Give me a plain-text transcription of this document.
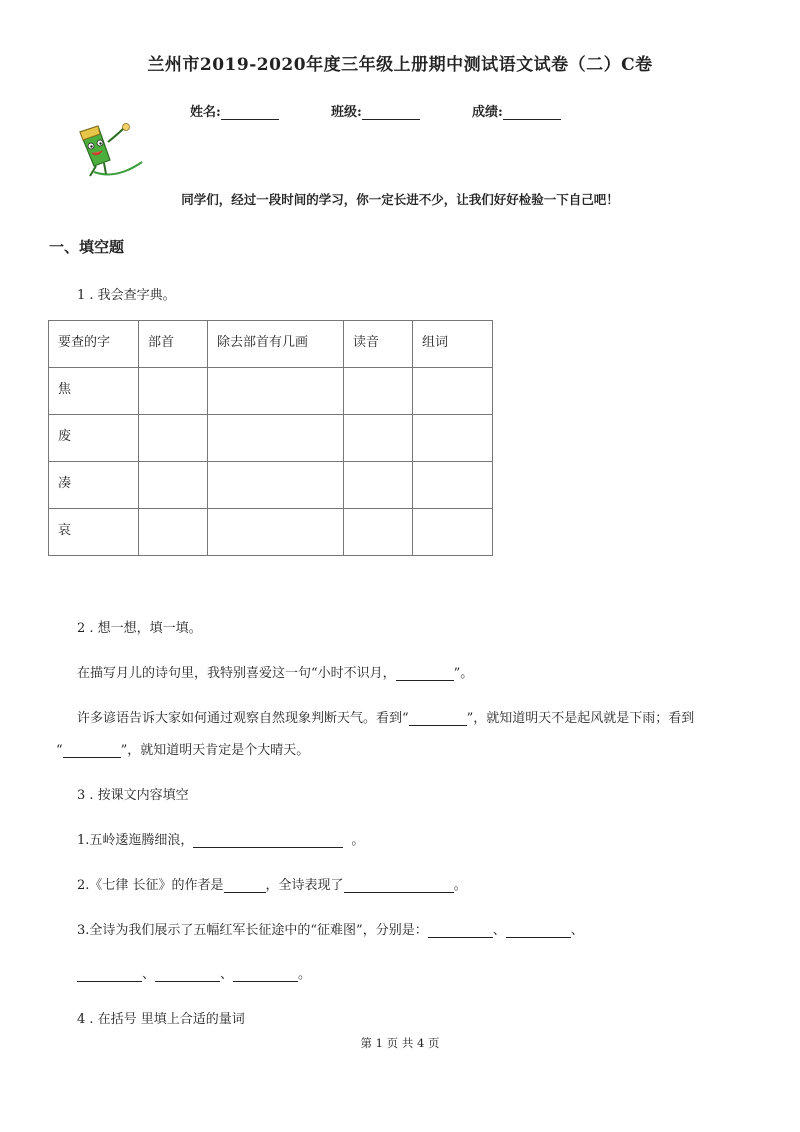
兰州市2019-2020年度三年级上册期中测试语文试卷（二）C卷
姓名:	班级:	成绩:
同学们，经过一段时间的学习，你一定长进不少，让我们好好检验一下自己吧！
一、填空题
1 . 我会查字典。
要查的字	部首	除去部首有几画	读音	组词
焦				
废				
凑				
哀				
2 . 想一想，填一填。
在描写月儿的诗句里，我特别喜爱这一句“小时不识月，	”。
许多谚语告诉大家如何通过观察自然现象判断天气。看到“	”，就知道明天不是起风就是下雨；看到
“	”，就知道明天肯定是个大晴天。
3 . 按课文内容填空
1.五岭逶迤腾细浪，	。
2.《七律 长征》的作者是	，全诗表现了	。
3.全诗为我们展示了五幅红军长征途中的“征难图”，分别是：	、	、
、	、	。
4 . 在括号 里填上合适的量词
第 1 页 共 4 页
